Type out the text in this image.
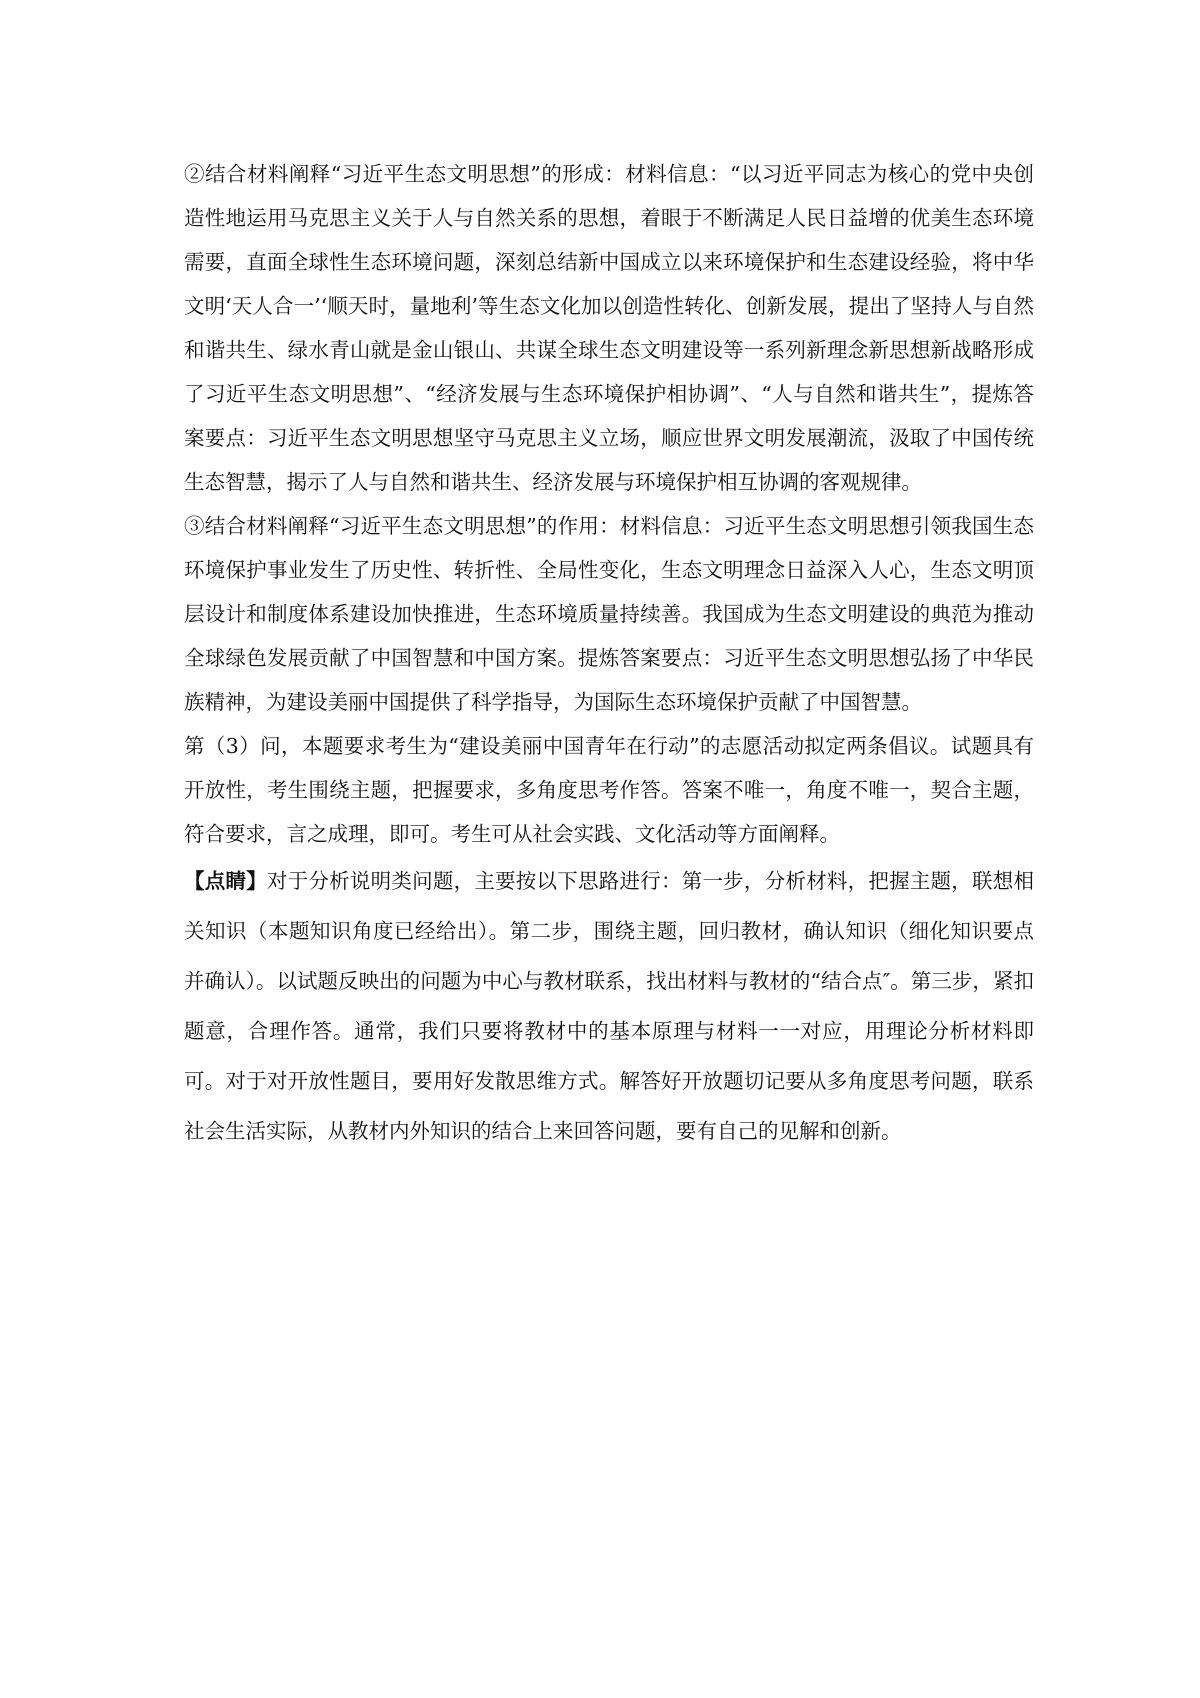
②结合材料阐释“习近平生态文明思想”的形成：材料信息：“以习近平同志为核心的党中央创造性地运用马克思主义关于人与自然关系的思想，着眼于不断满足人民日益增的优美生态环境需要，直面全球性生态环境问题，深刻总结新中国成立以来环境保护和生态建设经验，将中华文明‘天人合一’‘顺天时，量地利’等生态文化加以创造性转化、创新发展，提出了坚持人与自然和谐共生、绿水青山就是金山银山、共谋全球生态文明建设等一系列新理念新思想新战略形成了习近平生态文明思想”、“经济发展与生态环境保护相协调”、“人与自然和谐共生”，提炼答案要点：习近平生态文明思想坚守马克思主义立场，顺应世界文明发展潮流，汲取了中国传统生态智慧，揭示了人与自然和谐共生、经济发展与环境保护相互协调的客观规律。

③结合材料阐释“习近平生态文明思想”的作用：材料信息：习近平生态文明思想引领我国生态环境保护事业发生了历史性、转折性、全局性变化，生态文明理念日益深入人心，生态文明顶层设计和制度体系建设加快推进，生态环境质量持续善。我国成为生态文明建设的典范为推动全球绿色发展贡献了中国智慧和中国方案。提炼答案要点：习近平生态文明思想弘扬了中华民族精神，为建设美丽中国提供了科学指导，为国际生态环境保护贡献了中国智慧。

第（3）问，本题要求考生为“建设美丽中国青年在行动”的志愿活动拟定两条倡议。试题具有开放性，考生围绕主题，把握要求，多角度思考作答。答案不唯一，角度不唯一，契合主题，符合要求，言之成理，即可。考生可从社会实践、文化活动等方面阐释。

【点睛】对于分析说明类问题，主要按以下思路进行：第一步，分析材料，把握主题，联想相关知识（本题知识角度已经给出）。第二步，围绕主题，回归教材，确认知识（细化知识要点并确认）。以试题反映出的问题为中心与教材联系，找出材料与教材的“结合点″。第三步，紧扣题意，合理作答。通常，我们只要将教材中的基本原理与材料一一对应，用理论分析材料即可。对于对开放性题目，要用好发散思维方式。解答好开放题切记要从多角度思考问题，联系社会生活实际，从教材内外知识的结合上来回答问题，要有自己的见解和创新。
